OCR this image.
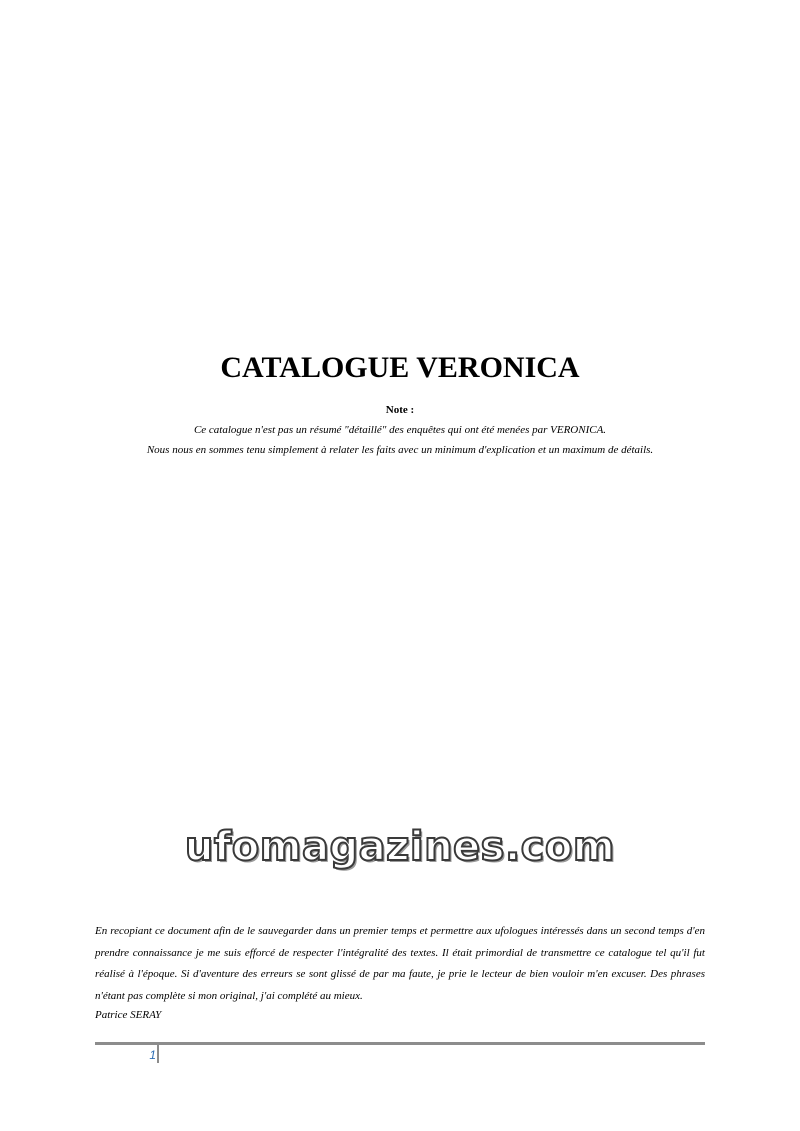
CATALOGUE VERONICA
Note :
Ce catalogue n'est pas un résumé "détaillé" des enquêtes qui ont été menées par VERONICA.
Nous nous en sommes tenu simplement à relater les faits avec un minimum d'explication et un maximum de détails.
ufomagazines.com

En recopiant ce document afin de le sauvegarder dans un premier temps et permettre aux ufologues intéressés dans un second temps d'en prendre connaissance je me suis efforcé de respecter l'intégralité des textes. Il était primordial de transmettre ce catalogue tel qu'il fut réalisé à l'époque. Si d'aventure des erreurs se sont glissé de par ma faute, je prie le lecteur de bien vouloir m'en excuser. Des phrases n'étant pas complète si mon original, j'ai complété au mieux.

Patrice SERAY
1
